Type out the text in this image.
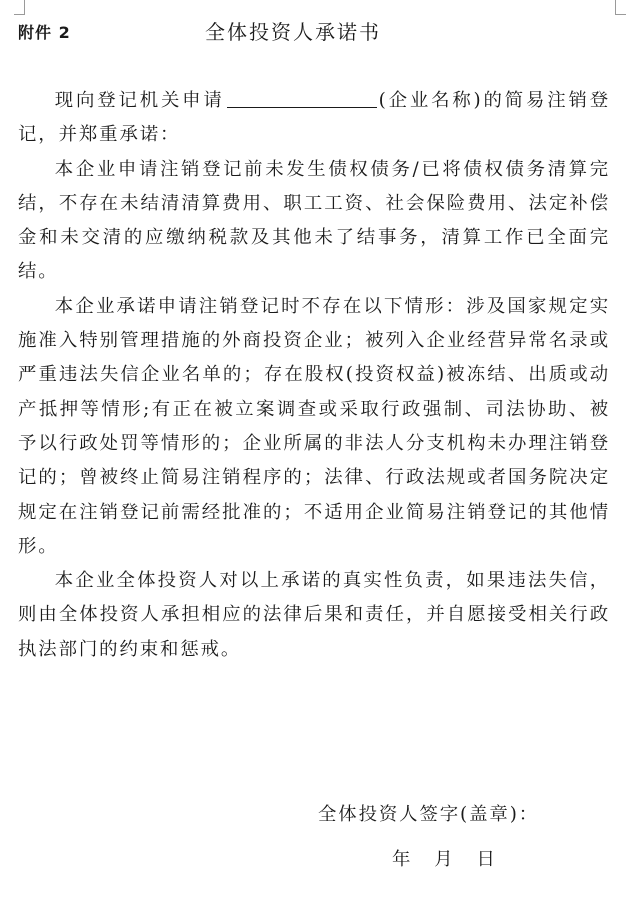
附件 2	全体投资人承诺书

现向登记机关申请	(企业名称)的简易注销登记，并郑重承诺：

本企业申请注销登记前未发生债权债务/已将债权债务清算完结，不存在未结清清算费用、职工工资、社会保险费用、法定补偿金和未交清的应缴纳税款及其他未了结事务，清算工作已全面完结。

本企业承诺申请注销登记时不存在以下情形：涉及国家规定实施准入特别管理措施的外商投资企业；被列入企业经营异常名录或严重违法失信企业名单的；存在股权(投资权益)被冻结、出质或动产抵押等情形;有正在被立案调查或采取行政强制、司法协助、被予以行政处罚等情形的；企业所属的非法人分支机构未办理注销登记的；曾被终止简易注销程序的；法律、行政法规或者国务院决定规定在注销登记前需经批准的；不适用企业简易注销登记的其他情形。

本企业全体投资人对以上承诺的真实性负责，如果违法失信，则由全体投资人承担相应的法律后果和责任，并自愿接受相关行政执法部门的约束和惩戒。

全体投资人签字(盖章)：
年 月 日
